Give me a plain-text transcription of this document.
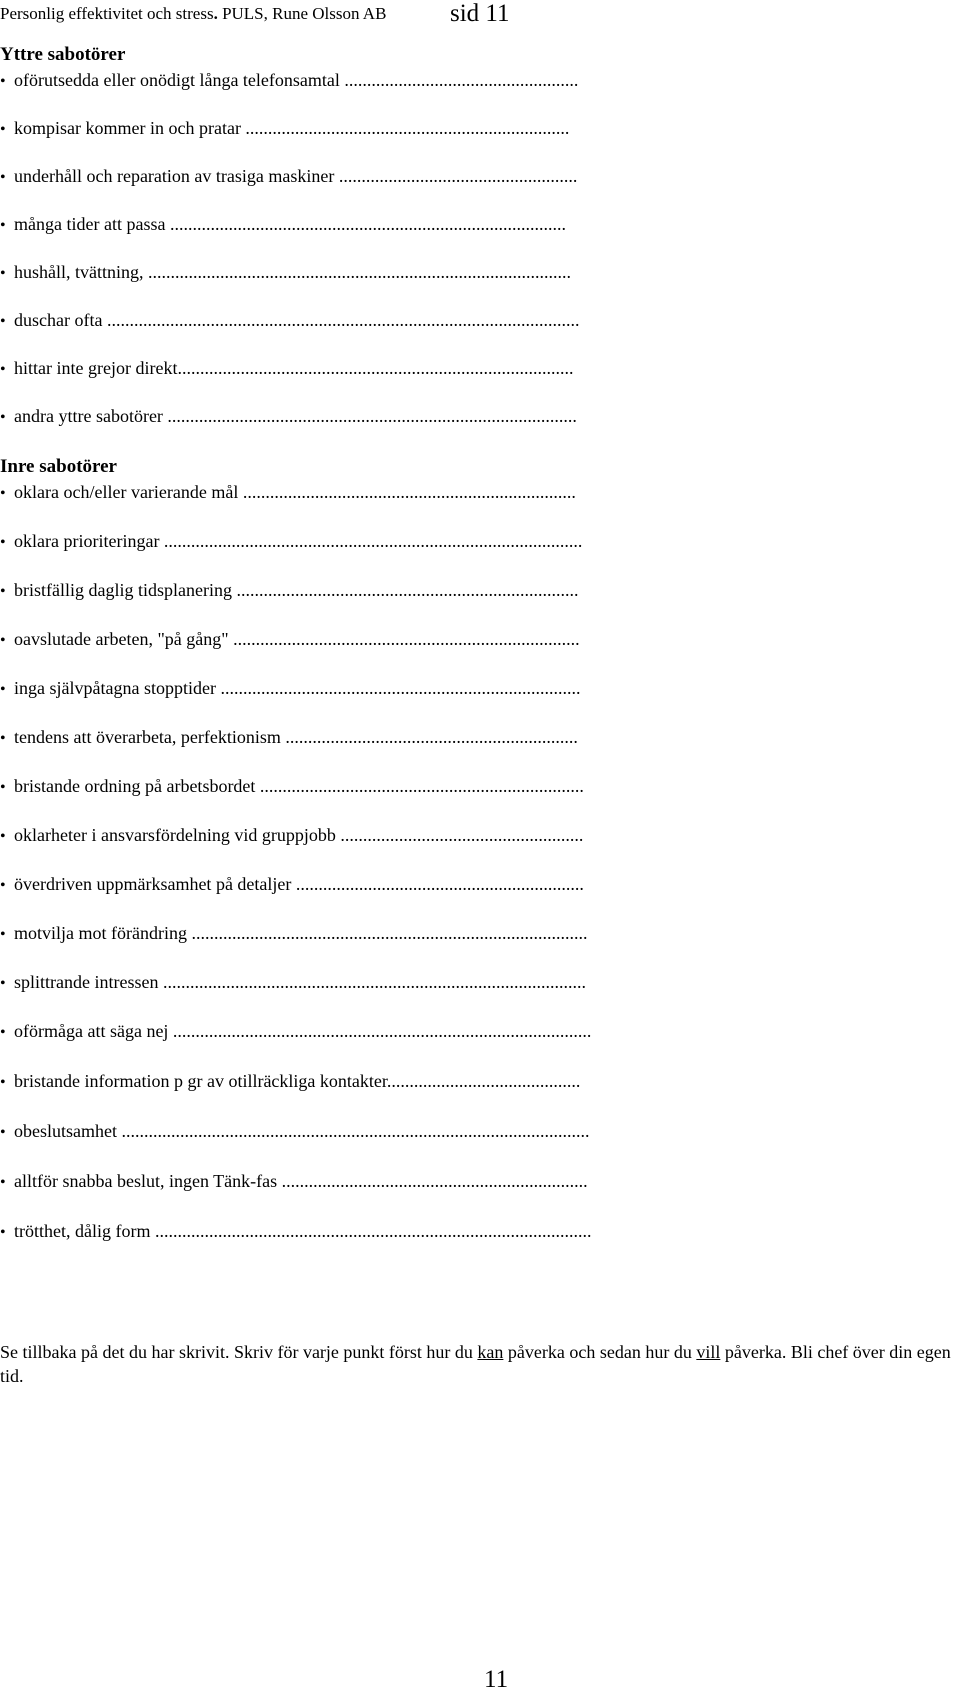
Personlig effektivitet och stress. PULS, Rune Olsson AB	sid 11
Yttre sabotörer
• oförutsedda eller onödigt långa telefonsamtal ....................................................
• kompisar kommer in och pratar ........................................................................
• underhåll och reparation av trasiga maskiner .....................................................
• många tider att passa ........................................................................................
• hushåll, tvättning, ..............................................................................................
• duschar ofta .........................................................................................................
• hittar inte grejor direkt........................................................................................
• andra yttre sabotörer ...........................................................................................
Inre sabotörer
• oklara och/eller varierande mål ..........................................................................
• oklara prioriteringar .............................................................................................
• bristfällig daglig tidsplanering ............................................................................
• oavslutade arbeten, "på gång" .............................................................................
• inga självpåtagna stopptider ................................................................................
• tendens att överarbeta, perfektionism .................................................................
• bristande ordning på arbetsbordet ........................................................................
• oklarheter i ansvarsfördelning vid gruppjobb ......................................................
• överdriven uppmärksamhet på detaljer ................................................................
• motvilja mot förändring ........................................................................................
• splittrande intressen ..............................................................................................
• oförmåga att säga nej .............................................................................................
• bristande information p gr av otillräckliga kontakter...........................................
• obeslutsamhet ........................................................................................................
• alltför snabba beslut, ingen Tänk-fas ....................................................................
• trötthet, dålig form .................................................................................................
Se tillbaka på det du har skrivit. Skriv för varje punkt först hur du kan påverka och sedan hur du vill påverka. Bli chef över din egen tid.
11
